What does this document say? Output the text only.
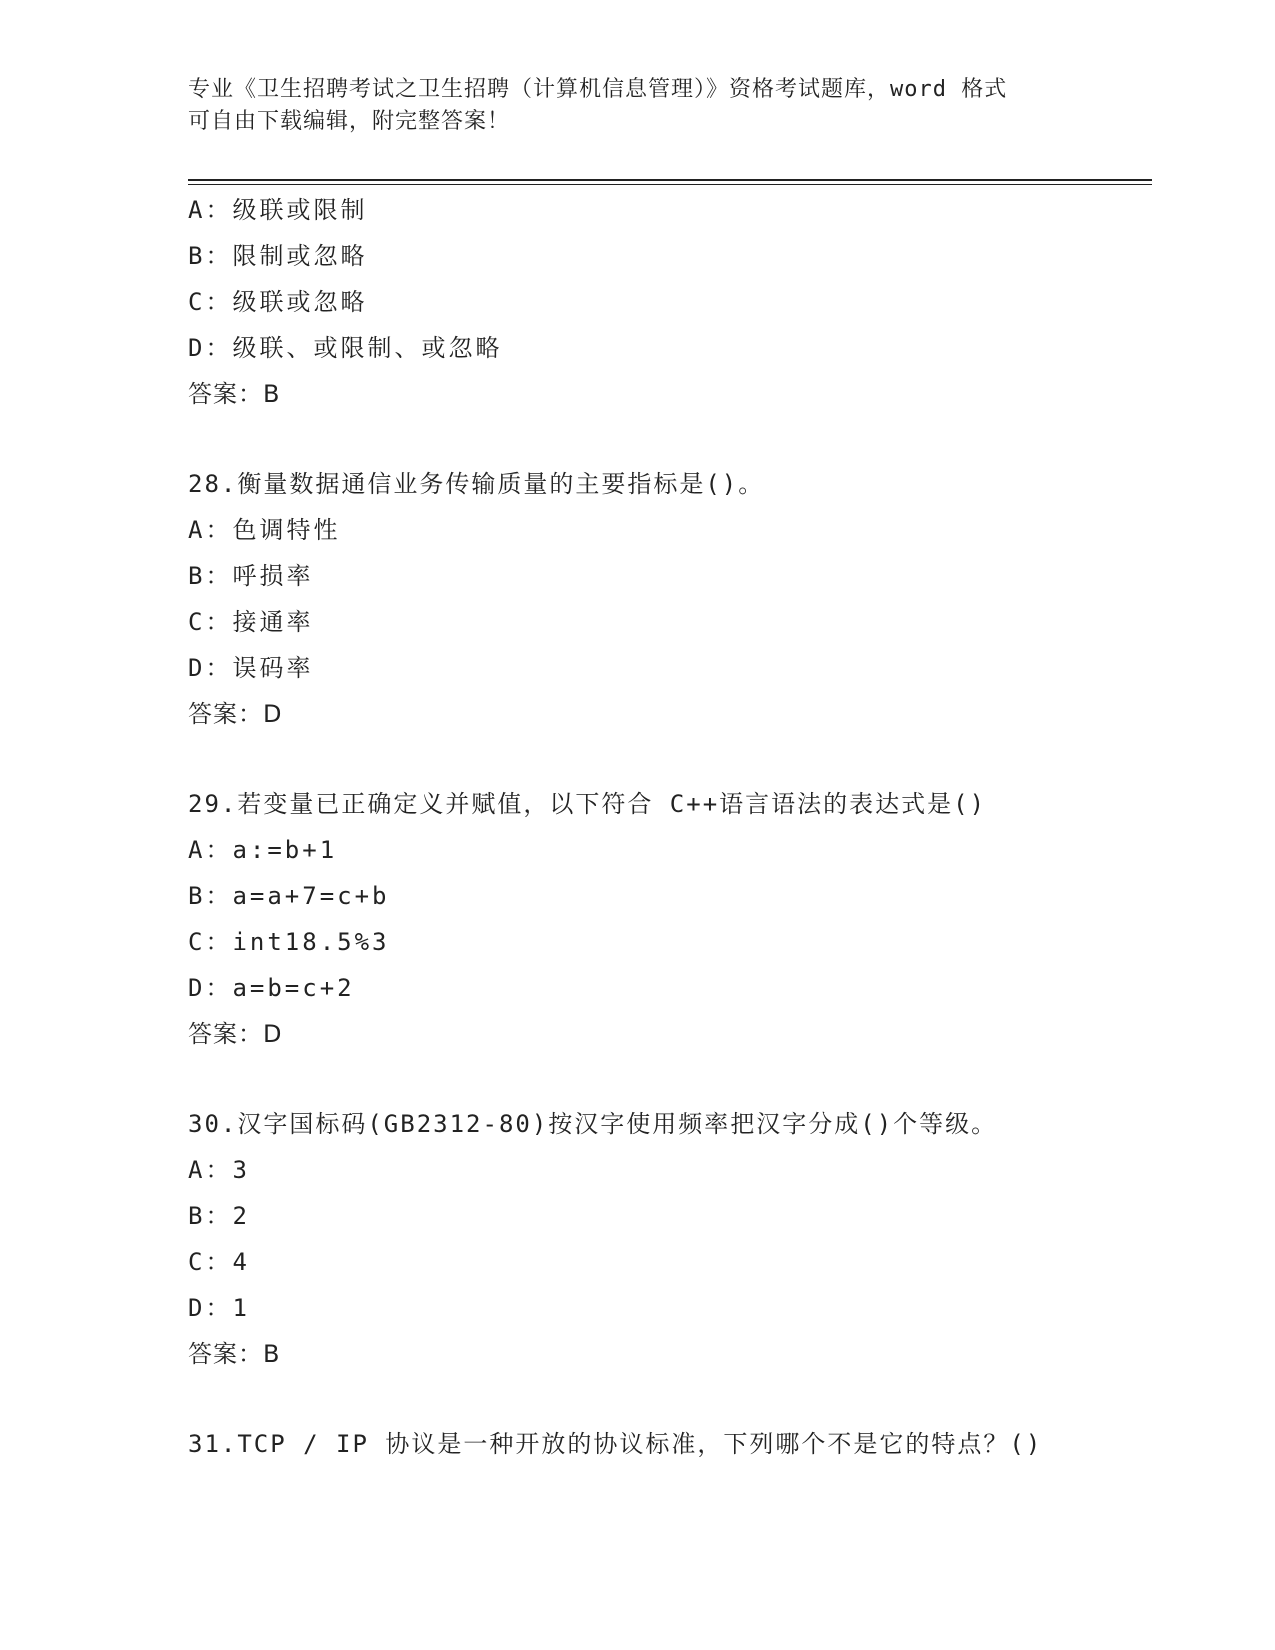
专业《卫生招聘考试之卫生招聘（计算机信息管理）》资格考试题库，word 格式
可自由下载编辑，附完整答案！
A：级联或限制
B：限制或忽略
C：级联或忽略
D：级联、或限制、或忽略
答案：B
28.衡量数据通信业务传输质量的主要指标是()。
A：色调特性
B：呼损率
C：接通率
D：误码率
答案：D
29.若变量已正确定义并赋值，以下符合 C++语言语法的表达式是()
A：a:=b+1
B：a=a+7=c+b
C：int18.5%3
D：a=b=c+2
答案：D
30.汉字国标码(GB2312-80)按汉字使用频率把汉字分成()个等级。
A：3
B：2
C：4
D：1
答案：B
31.TCP / IP 协议是一种开放的协议标准，下列哪个不是它的特点？()
